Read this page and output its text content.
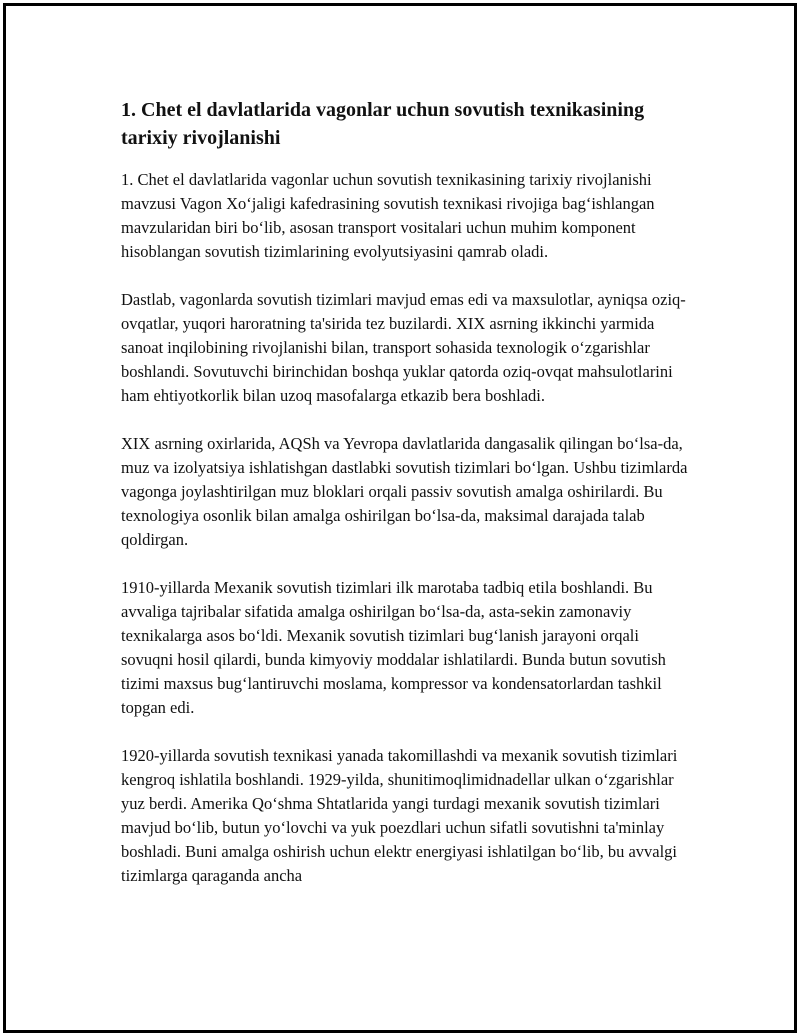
1. Chet el davlatlarida vagonlar uchun sovutish texnikasining tarixiy rivojlanishi

1. Chet el davlatlarida vagonlar uchun sovutish texnikasining tarixiy rivojlanishi mavzusi Vagon Xo‘jaligi kafedrasining sovutish texnikasi rivojiga bag‘ishlangan mavzularidan biri bo‘lib, asosan transport vositalari uchun muhim komponent hisoblangan sovutish tizimlarining evolyutsiyasini qamrab oladi.

Dastlab, vagonlarda sovutish tizimlari mavjud emas edi va maxsulotlar, ayniqsa oziq-ovqatlar, yuqori haroratning ta'sirida tez buzilardi. XIX asrning ikkinchi yarmida sanoat inqilobining rivojlanishi bilan, transport sohasida texnologik o‘zgarishlar boshlandi. Sovutuvchi birinchidan boshqa yuklar qatorda oziq-ovqat mahsulotlarini ham ehtiyotkorlik bilan uzoq masofalarga etkazib bera boshladi.

XIX asrning oxirlarida, AQSh va Yevropa davlatlarida dangasalik qilingan bo‘lsa-da, muz va izolyatsiya ishlatishgan dastlabki sovutish tizimlari bo‘lgan. Ushbu tizimlarda vagonga joylashtirilgan muz bloklari orqali passiv sovutish amalga oshirilardi. Bu texnologiya osonlik bilan amalga oshirilgan bo‘lsa-da, maksimal darajada talab qoldirgan.

1910-yillarda Mexanik sovutish tizimlari ilk marotaba tadbiq etila boshlandi. Bu avvaliga tajribalar sifatida amalga oshirilgan bo‘lsa-da, asta-sekin zamonaviy texnikalarga asos bo‘ldi. Mexanik sovutish tizimlari bug‘lanish jarayoni orqali sovuqni hosil qilardi, bunda kimyoviy moddalar ishlatilardi. Bunda butun sovutish tizimi maxsus bug‘lantiruvchi moslama, kompressor va kondensatorlardan tashkil topgan edi.

1920-yillarda sovutish texnikasi yanada takomillashdi va mexanik sovutish tizimlari kengroq ishlatila boshlandi. 1929-yilda, shunitimoqlimidnadellar ulkan o‘zgarishlar yuz berdi. Amerika Qo‘shma Shtatlarida yangi turdagi mexanik sovutish tizimlari mavjud bo‘lib, butun yo‘lovchi va yuk poezdlari uchun sifatli sovutishni ta'minlay boshladi. Buni amalga oshirish uchun elektr energiyasi ishlatilgan bo‘lib, bu avvalgi tizimlarga qaraganda ancha
